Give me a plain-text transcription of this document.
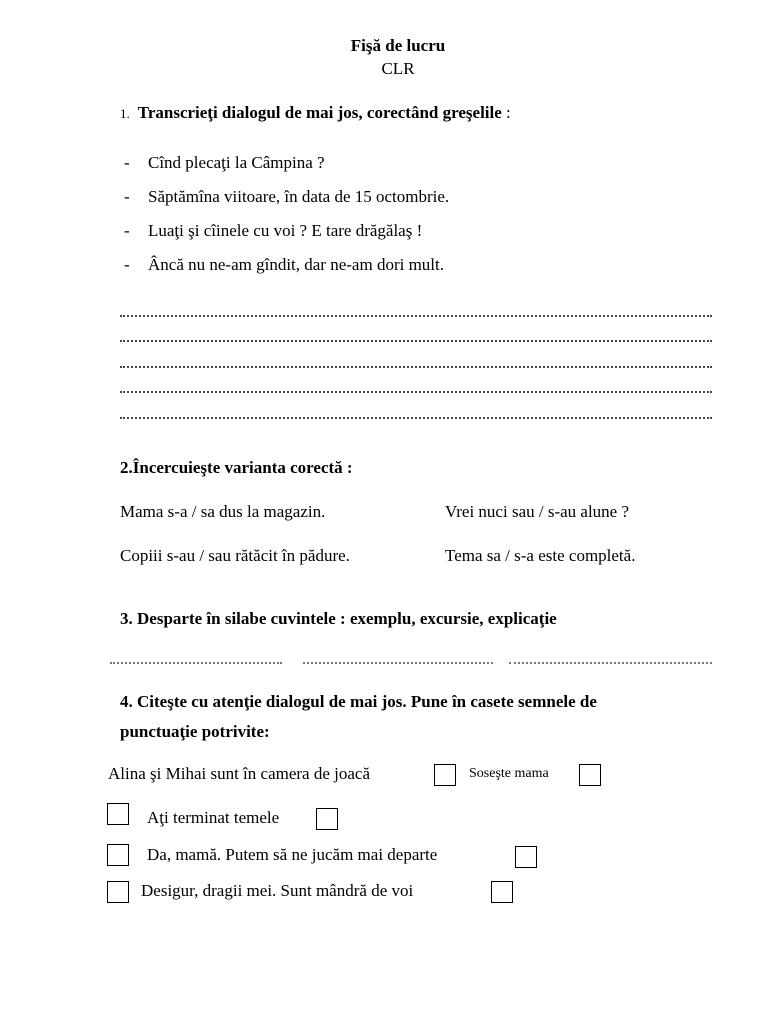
Fişă de lucru
CLR
1. Transcrieţi dialogul de mai jos, corectând greşelile :
- Cînd plecaţi la Câmpina ?
- Săptămîna viitoare, în data de 15 octombrie.
- Luaţi şi cîinele cu voi ? E tare drăgălaş !
- Âncă nu ne-am gîndit, dar ne-am dori mult.
2.Încercuieşte varianta corectă :
Mama s-a / sa dus la magazin.	Vrei nuci sau / s-au alune ?
Copiii s-au / sau rătăcit în pădure.	Tema sa / s-a este completă.
3. Desparte în silabe cuvintele : exemplu, excursie, explicaţie
4. Citeşte cu atenţie dialogul de mai jos. Pune în casete semnele de
punctuaţie potrivite:
Alina şi Mihai sunt în camera de joacă	Soseşte mama
Aţi terminat temele
Da, mamă. Putem să ne jucăm mai departe
Desigur, dragii mei. Sunt mândră de voi
